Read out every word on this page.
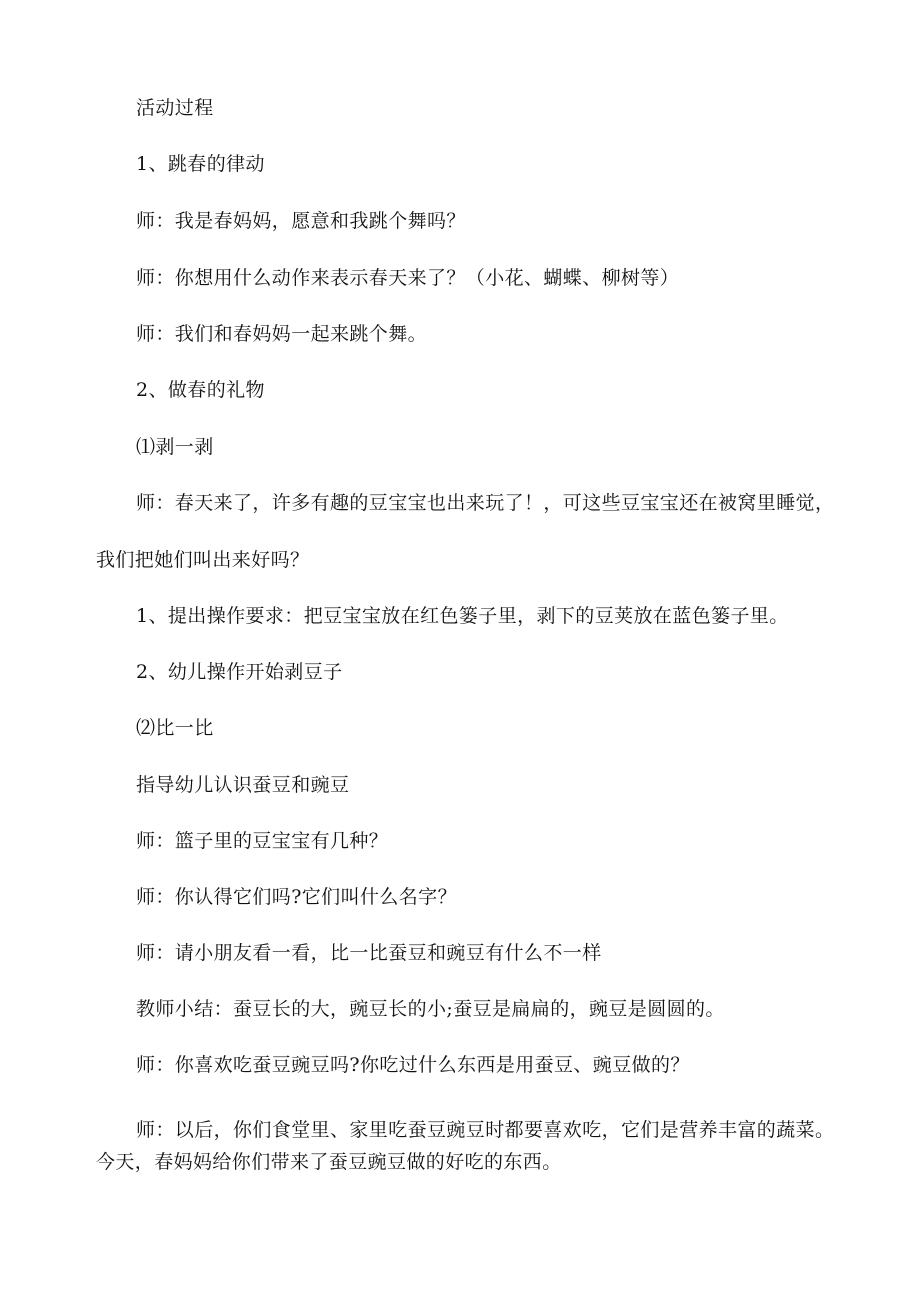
活动过程
1、跳春的律动
师：我是春妈妈，愿意和我跳个舞吗？
师：你想用什么动作来表示春天来了？（小花、蝴蝶、柳树等）
师：我们和春妈妈一起来跳个舞。
2、做春的礼物
⑴剥一剥
师：春天来了，许多有趣的豆宝宝也出来玩了！，可这些豆宝宝还在被窝里睡觉，
我们把她们叫出来好吗？
1、提出操作要求：把豆宝宝放在红色篓子里，剥下的豆荚放在蓝色篓子里。
2、幼儿操作开始剥豆子
⑵比一比
指导幼儿认识蚕豆和豌豆
师：篮子里的豆宝宝有几种？
师：你认得它们吗?它们叫什么名字？
师：请小朋友看一看，比一比蚕豆和豌豆有什么不一样
教师小结：蚕豆长的大，豌豆长的小;蚕豆是扁扁的，豌豆是圆圆的。
师：你喜欢吃蚕豆豌豆吗?你吃过什么东西是用蚕豆、豌豆做的？
师：以后，你们食堂里、家里吃蚕豆豌豆时都要喜欢吃，它们是营养丰富的蔬菜。今天，春妈妈给你们带来了蚕豆豌豆做的好吃的东西。
